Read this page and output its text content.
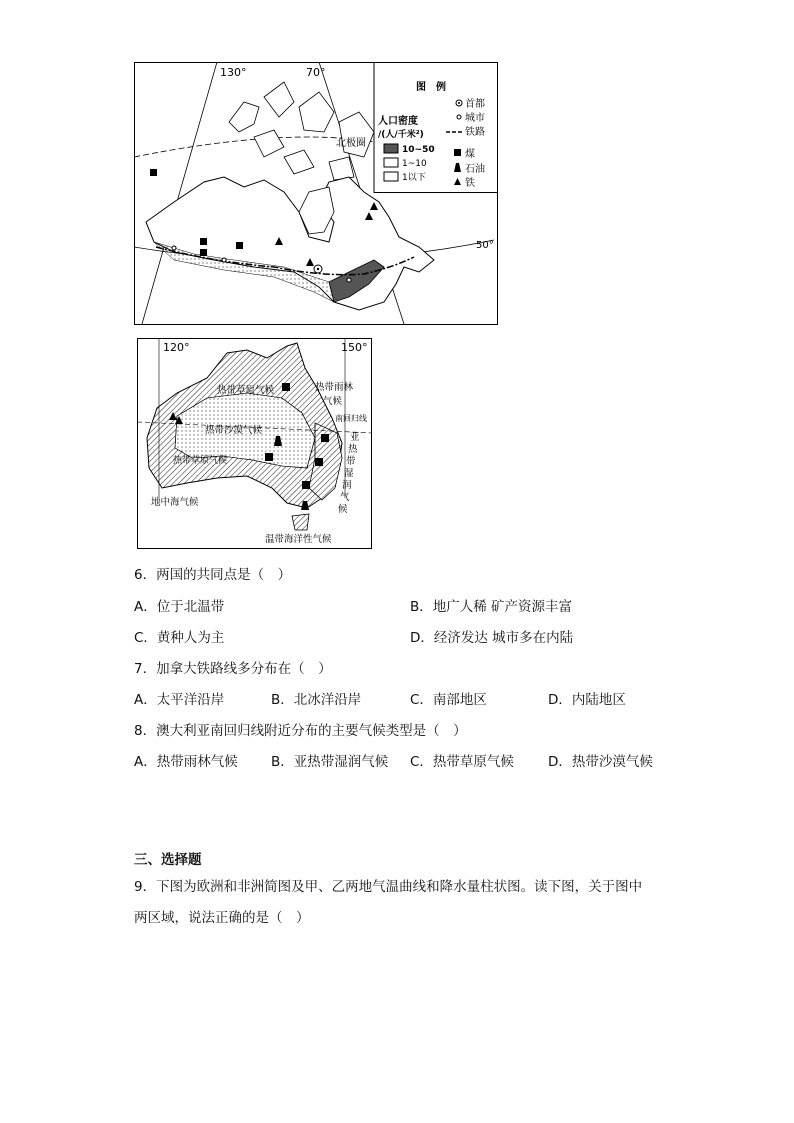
130°	70°
北极圈
50°
图　例
首都
城市
铁路
人口密度
/(人/千米²)
10~50
1~10
1以下
煤
石油
铁
120°	150°
南回归线
热带草原气候	热带雨林
气候
热带沙漠气候
热带草原气候
亚
热
带
湿
润
气
候
地中海气候
温带海洋性气候
6．两国的共同点是（　）
A．位于北温带	B．地广人稀 矿产资源丰富
C．黄种人为主	D．经济发达 城市多在内陆
7．加拿大铁路线多分布在（　）
A．太平洋沿岸	B．北冰洋沿岸	C．南部地区	D．内陆地区
8．澳大利亚南回归线附近分布的主要气候类型是（　）
A．热带雨林气候 B．亚热带湿润气候 C．热带草原气候	D．热带沙漠气候
三、选择题
9．下图为欧洲和非洲简图及甲、乙两地气温曲线和降水量柱状图。读下图，关于图中
两区域，说法正确的是（　）
